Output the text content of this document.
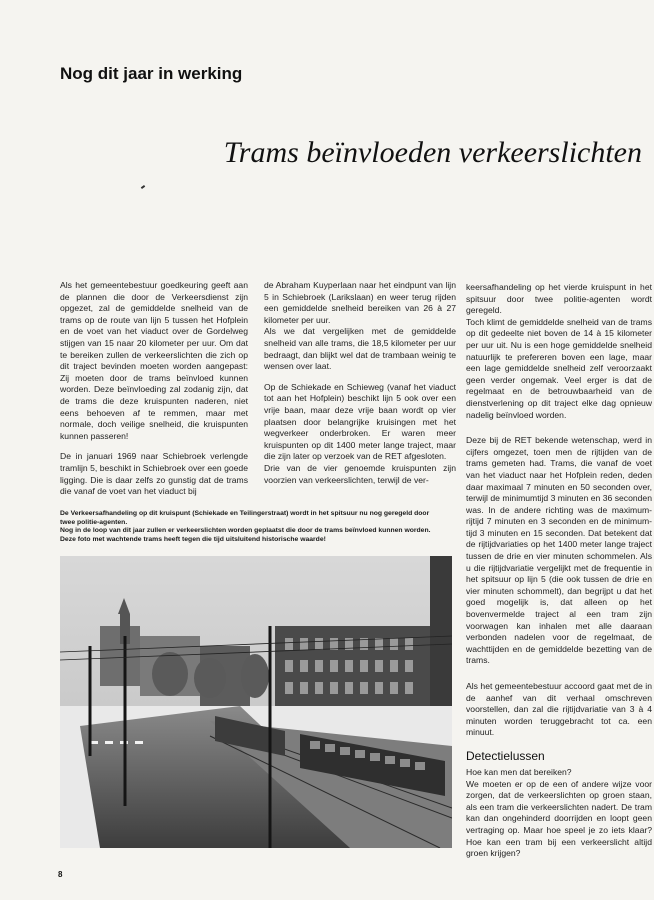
Nog dit jaar in werking
Trams beïnvloeden verkeerslichten

Als het gemeentebestuur goedkeuring geeft aan de plannen die door de Verkeersdienst zijn opgezet, zal de gemiddelde snelheid van de trams op de route van lijn 5 tussen het Hofplein en de voet van het viaduct over de Gordelweg stijgen van 15 naar 20 kilometer per uur. Om dat te bereiken zullen de verkeerslichten die zich op dit traject bevinden moeten worden aangepast: Zij moeten door de trams beïnvloed kunnen worden. Deze beïnvloeding zal zodanig zijn, dat de trams die deze kruispunten naderen, niet eens behoeven af te remmen, maar met normale, doch veilige snelheid, die kruispunten kunnen passeren!

De in januari 1969 naar Schiebroek verlengde tramlijn 5, beschikt in Schiebroek over een goede ligging. Die is daar zelfs zo gunstig dat de trams die vanaf de voet van het viaduct bij

de Abraham Kuyperlaan naar het eindpunt van lijn 5 in Schiebroek (Larikslaan) en weer terug rijden een gemiddelde snelheid bereiken van 26 à 27 kilometer per uur.

Als we dat vergelijken met de gemiddelde snelheid van alle trams, die 18,5 kilometer per uur bedraagt, dan blijkt wel dat de trambaan weinig te wensen over laat.

Op de Schiekade en Schieweg (vanaf het viaduct tot aan het Hofplein) beschikt lijn 5 ook over een vrije baan, maar deze vrije baan wordt op vier plaatsen door belangrijke kruisingen met het wegverkeer onderbroken. Er waren meer kruispunten op dit 1400 meter lange traject, maar die zijn later op verzoek van de RET afgesloten.

Drie van de vier genoemde kruispunten zijn voorzien van verkeerslichten, terwijl de ver-

keersafhandeling op het vierde kruispunt in het spitsuur door twee politie-agenten wordt geregeld.

Toch klimt de gemiddelde snelheid van de trams op dit gedeelte niet boven de 14 à 15 kilometer per uur uit. Nu is een hoge gemiddelde snelheid natuurlijk te prefereren boven een lage, maar een lage gemiddelde snelheid zelf veroorzaakt geen verder ongemak. Veel erger is dat de regelmaat en de betrouwbaarheid van de dienstverlening op dit traject elke dag opnieuw nadelig beïnvloed worden.

Deze bij de RET bekende wetenschap, werd in cijfers omgezet, toen men de rijtijden van de trams gemeten had. Trams, die vanaf de voet van het viaduct naar het Hofplein reden, deden daar maximaal 7 minuten en 50 seconden over, terwijl de minimumtijd 3 minuten en 36 seconden was. In de andere richting was de maximum-rijtijd 7 minuten en 3 seconden en de minimum-tijd 3 minuten en 15 seconden. Dat betekent dat de rijtijdvariaties op het 1400 meter lange traject tussen de drie en vier minuten schommelen. Als u die rijtijdvariatie vergelijkt met de frequentie in het spitsuur op lijn 5 (die ook tussen de drie en vier minuten schommelt), dan begrijpt u dat het goed mogelijk is, dat alleen op het bovenvermelde traject al een tram zijn voorwagen kan inhalen met alle daaraan verbonden nadelen voor de regelmaat, de wachttijden en de gemiddelde bezetting van de trams.

Als het gemeentebestuur accoord gaat met de in de aanhef van dit verhaal omschreven voorstellen, dan zal die rijtijdvariatie van 3 à 4 minuten worden teruggebracht tot ca. een minuut.

Detectielussen

Hoe kan men dat bereiken?
We moeten er op de een of andere wijze voor zorgen, dat de verkeerslichten op groen staan, als een tram die verkeerslichten nadert. De tram kan dan ongehinderd doorrijden en loopt geen vertraging op. Maar hoe speel je zo iets klaar? Hoe kan een tram bij een verkeerslicht altijd groen krijgen?

De Verkeersafhandeling op dit kruispunt (Schiekade en Teilingerstraat) wordt in het spitsuur nu nog geregeld door twee politie-agenten.
Nog in de loop van dit jaar zullen er verkeerslichten worden geplaatst die door de trams beïnvloed kunnen worden. Deze foto met wachtende trams heeft tegen die tijd uitsluitend historische waarde!
8
